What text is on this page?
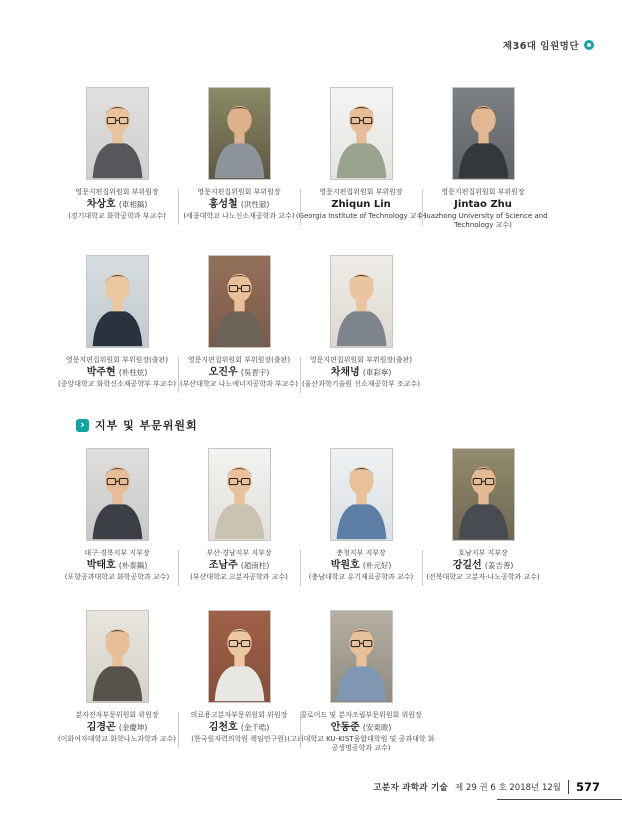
제36대 임원명단
영문지편집위원회 부위원장
차상호 (車相鎬)
(경기대학교 화학공학과 부교수)
영문지편집위원회 부위원장
홍성철 (洪性澈)
(세종대학교 나노신소재공학과 교수)
영문지편집위원회 부위원장
Zhiqun Lin
(Georgia Institute of Technology 교수)
영문지편집위원회 부위원장
Jintao Zhu
(Huazhong University of Science and Technology 교수)
영문지편집위원회 부위원장(출판)
박주현 (朴柱炫)
(중앙대학교 화학신소재공학부 부교수)
영문지편집위원회 부위원장(출판)
오진우 (吳晋宇)
(부산대학교 나노에너지공학과 부교수)
영문지편집위원회 부위원장(출판)
차채녕 (車彩寧)
(울산과학기술원 신소재공학부 조교수)
› 지부 및 부문위원회
대구·경북지부 지부장
박태호 (朴泰鎬)
(포항공과대학교 화학공학과 교수)
부산·경남지부 지부장
조남주 (趙南柱)
(부산대학교 고분자공학과 교수)
충청지부 지부장
박원호 (朴元好)
(충남대학교 유기재료공학과 교수)
호남지부 지부장
강길선 (姜吉善)
(전북대학교 고분자·나노공학과 교수)
분자전자부문위원회 위원장
김경곤 (金慶坤)
(이화여자대학교 화학나노과학과 교수)
의료용고분자부문위원회 위원장
김천호 (金千晧)
(한국원자력의학원 책임연구원)
콜로이드 및 분자조립부문위원회 위원장
안동준 (安東晙)
(고려대학교 KU-KIST융합대학원 및 공과대학 화공생명공학과 교수)
고분자 과학과 기술 제 29 권 6 호 2018년 12월 577
